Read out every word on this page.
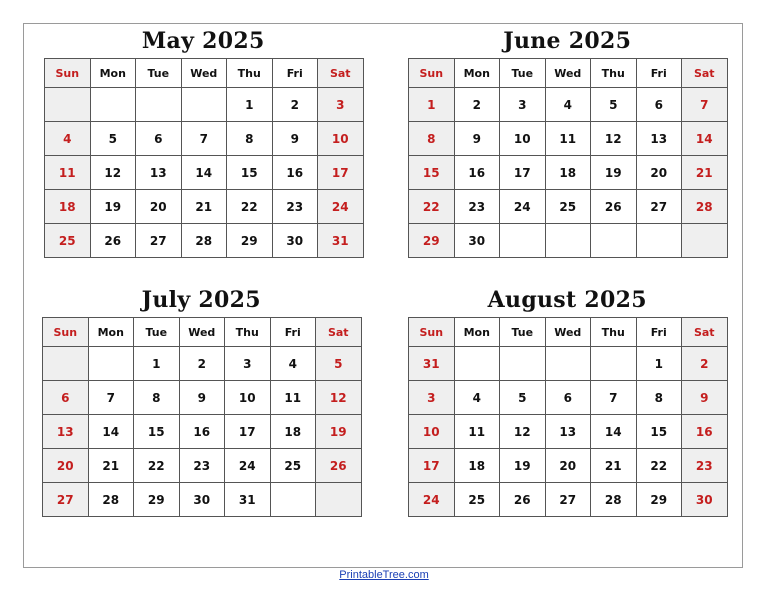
May 2025
Sun	Mon	Tue	Wed	Thu	Fri	Sat
				1	2	3
4	5	6	7	8	9	10
11	12	13	14	15	16	17
18	19	20	21	22	23	24
25	26	27	28	29	30	31
June 2025
Sun	Mon	Tue	Wed	Thu	Fri	Sat
1	2	3	4	5	6	7
8	9	10	11	12	13	14
15	16	17	18	19	20	21
22	23	24	25	26	27	28
29	30					
July 2025
Sun	Mon	Tue	Wed	Thu	Fri	Sat
		1	2	3	4	5
6	7	8	9	10	11	12
13	14	15	16	17	18	19
20	21	22	23	24	25	26
27	28	29	30	31		
August 2025
Sun	Mon	Tue	Wed	Thu	Fri	Sat
31					1	2
3	4	5	6	7	8	9
10	11	12	13	14	15	16
17	18	19	20	21	22	23
24	25	26	27	28	29	30
PrintableTree.com
